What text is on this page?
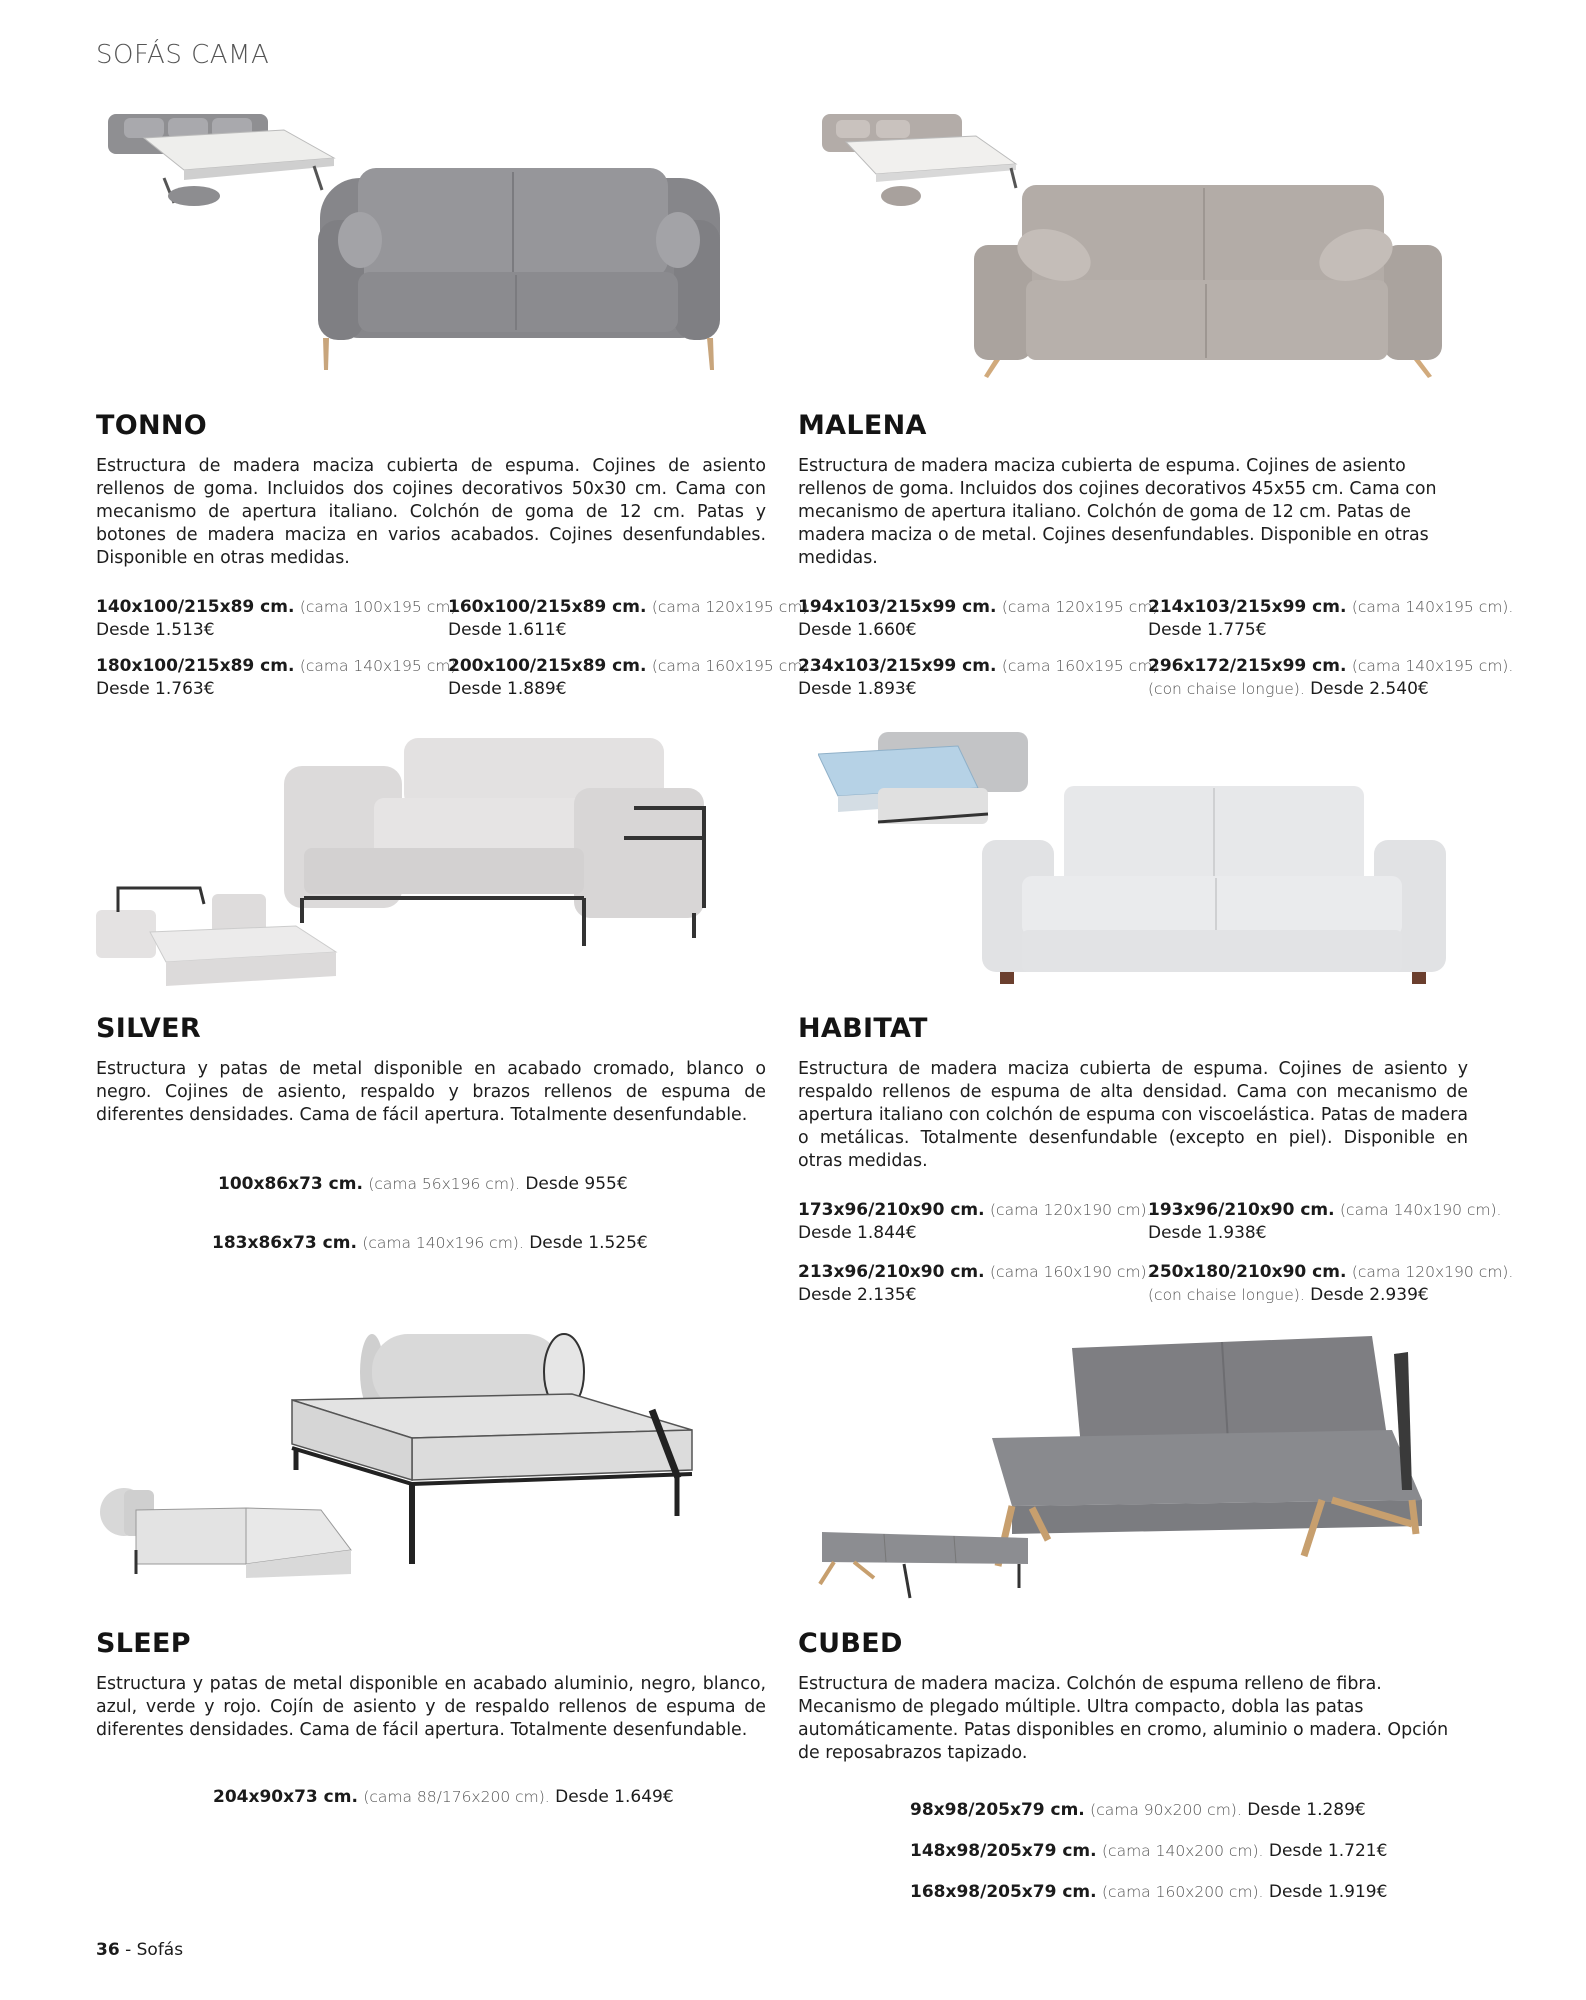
SOFÁS CAMA
TONNO

Estructura de madera maciza cubierta de espuma. Cojines de asiento rellenos de goma. Incluidos dos cojines decorativos 50x30 cm. Cama con mecanismo de apertura italiano. Colchón de goma de 12 cm. Patas y botones de madera maciza en varios acabados. Cojines desenfundables. Disponible en otras medidas.

140x100/215x89 cm. (cama 100x195 cm).
Desde 1.513€
160x100/215x89 cm. (cama 120x195 cm).
Desde 1.611€
180x100/215x89 cm. (cama 140x195 cm).
Desde 1.763€
200x100/215x89 cm. (cama 160x195 cm).
Desde 1.889€
MALENA

Estructura de madera maciza cubierta de espuma. Cojines de asiento rellenos de goma. Incluidos dos cojines decorativos 45x55 cm. Cama con mecanismo de apertura italiano. Colchón de goma de 12 cm. Patas de madera maciza o de metal. Cojines desenfundables. Disponible en otras medidas.

194x103/215x99 cm. (cama 120x195 cm).
Desde 1.660€
214x103/215x99 cm. (cama 140x195 cm).
Desde 1.775€
234x103/215x99 cm. (cama 160x195 cm).
Desde 1.893€
296x172/215x99 cm. (cama 140x195 cm).
(con chaise longue). Desde 2.540€
SILVER

Estructura y patas de metal disponible en acabado cromado, blanco o negro. Cojines de asiento, respaldo y brazos rellenos de espuma de diferentes densidades. Cama de fácil apertura. Totalmente desenfundable.

100x86x73 cm. (cama 56x196 cm). Desde 955€
183x86x73 cm. (cama 140x196 cm). Desde 1.525€
HABITAT

Estructura de madera maciza cubierta de espuma. Cojines de asiento y respaldo rellenos de espuma de alta densidad. Cama con mecanismo de apertura italiano con colchón de espuma con viscoelástica. Patas de madera o metálicas. Totalmente desenfundable (excepto en piel). Disponible en otras medidas.

173x96/210x90 cm. (cama 120x190 cm).
Desde 1.844€
193x96/210x90 cm. (cama 140x190 cm).
Desde 1.938€
213x96/210x90 cm. (cama 160x190 cm).
Desde 2.135€
250x180/210x90 cm. (cama 120x190 cm).
(con chaise longue). Desde 2.939€
SLEEP

Estructura y patas de metal disponible en acabado aluminio, negro, blanco, azul, verde y rojo. Cojín de asiento y de respaldo rellenos de espuma de diferentes densidades. Cama de fácil apertura. Totalmente desenfundable.

204x90x73 cm. (cama 88/176x200 cm). Desde 1.649€
CUBED

Estructura de madera maciza. Colchón de espuma relleno de fibra. Mecanismo de plegado múltiple. Ultra compacto, dobla las patas automáticamente. Patas disponibles en cromo, aluminio o madera. Opción de reposabrazos tapizado.

98x98/205x79 cm. (cama 90x200 cm). Desde 1.289€
148x98/205x79 cm. (cama 140x200 cm). Desde 1.721€
168x98/205x79 cm. (cama 160x200 cm). Desde 1.919€
36 - Sofás
